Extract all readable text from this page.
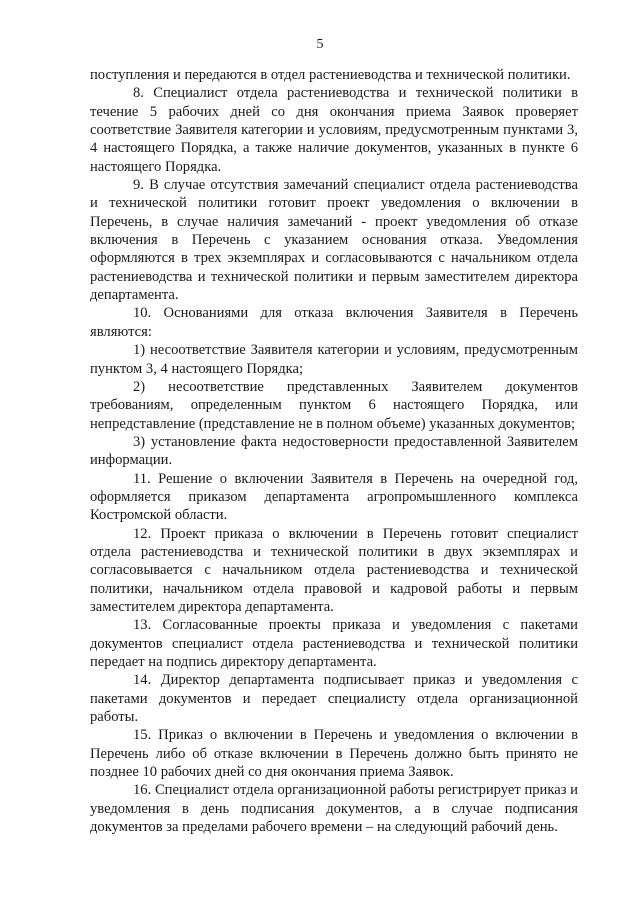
5

поступления и передаются в отдел растениеводства и технической политики.

8. Специалист отдела растениеводства и технической политики в течение 5 рабочих дней со дня окончания приема Заявок проверяет соответствие Заявителя категории и условиям, предусмотренным пунктами 3, 4 настоящего Порядка, а также наличие документов, указанных в пункте 6 настоящего Порядка.

9. В случае отсутствия замечаний специалист отдела растениеводства и технической политики готовит проект уведомления о включении в Перечень, в случае наличия замечаний - проект уведомления об отказе включения в Перечень с указанием основания отказа. Уведомления оформляются в трех экземплярах и согласовываются с начальником отдела растениеводства и технической политики и первым заместителем директора департамента.

10. Основаниями для отказа включения Заявителя в Перечень являются:

1) несоответствие Заявителя категории и условиям, предусмотренным пунктом 3, 4 настоящего Порядка;

2) несоответствие представленных Заявителем документов требованиям, определенным пунктом 6 настоящего Порядка, или непредставление (представление не в полном объеме) указанных документов;

3) установление факта недостоверности предоставленной Заявителем информации.

11. Решение о включении Заявителя в Перечень на очередной год, оформляется приказом департамента агропромышленного комплекса Костромской области.

12. Проект приказа о включении в Перечень готовит специалист отдела растениеводства и технической политики в двух экземплярах и согласовывается с начальником отдела растениеводства и технической политики, начальником отдела правовой и кадровой работы и первым заместителем директора департамента.

13. Согласованные проекты приказа и уведомления с пакетами документов специалист отдела растениеводства и технической политики передает на подпись директору департамента.

14. Директор департамента подписывает приказ и уведомления с пакетами документов и передает специалисту отдела организационной работы.

15. Приказ о включении в Перечень и уведомления о включении в Перечень либо об отказе включении в Перечень должно быть принято не позднее 10 рабочих дней со дня окончания приема Заявок.

16. Специалист отдела организационной работы регистрирует приказ и уведомления в день подписания документов, а в случае подписания документов за пределами рабочего времени – на следующий рабочий день.
